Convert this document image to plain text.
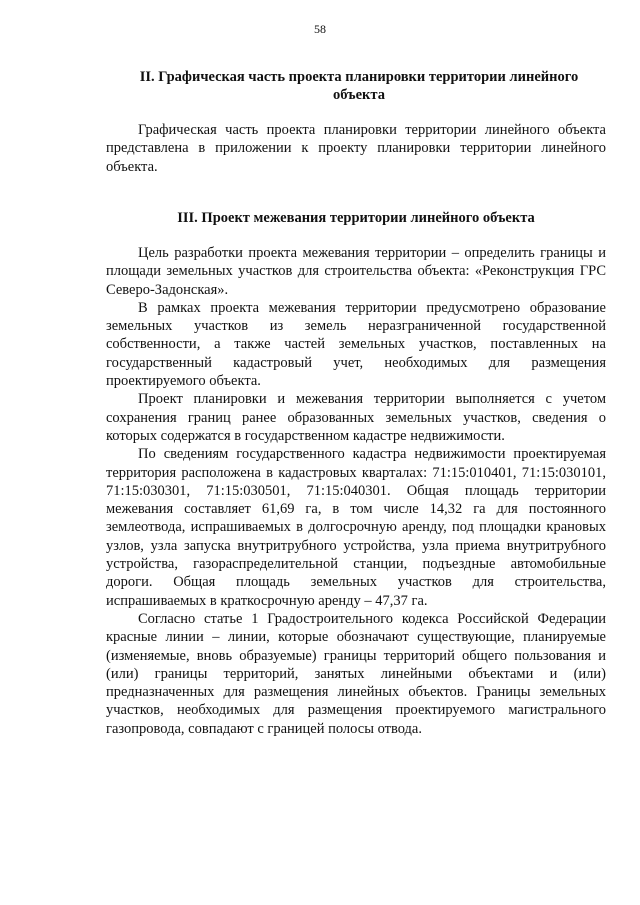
58
II. Графическая часть проекта планировки территории линейного объекта

Графическая часть проекта планировки территории линейного объекта представлена в приложении к проекту планировки территории линейного объекта.

III. Проект межевания территории линейного объекта

Цель разработки проекта межевания территории – определить границы и площади земельных участков для строительства объекта: «Реконструкция ГРС Северо-Задонская».

В рамках проекта межевания территории предусмотрено образование земельных участков из земель неразграниченной государственной собственности, а также частей земельных участков, поставленных на государственный кадастровый учет, необходимых для размещения проектируемого объекта.

Проект планировки и межевания территории выполняется с учетом сохранения границ ранее образованных земельных участков, сведения о которых содержатся в государственном кадастре недвижимости.

По сведениям государственного кадастра недвижимости проектируемая территория расположена в кадастровых кварталах: 71:15:010401, 71:15:030101, 71:15:030301, 71:15:030501, 71:15:040301. Общая площадь территории межевания составляет 61,69 га, в том числе 14,32 га для постоянного землеотвода, испрашиваемых в долгосрочную аренду, под площадки крановых узлов, узла запуска внутритрубного устройства, узла приема внутритрубного устройства, газораспределительной станции, подъездные автомобильные дороги. Общая площадь земельных участков для строительства, испрашиваемых в краткосрочную аренду – 47,37 га.

Согласно статье 1 Градостроительного кодекса Российской Федерации красные линии – линии, которые обозначают существующие, планируемые (изменяемые, вновь образуемые) границы территорий общего пользования и (или) границы территорий, занятых линейными объектами и (или) предназначенных для размещения линейных объектов. Границы земельных участков, необходимых для размещения проектируемого магистрального газопровода, совпадают с границей полосы отвода.
